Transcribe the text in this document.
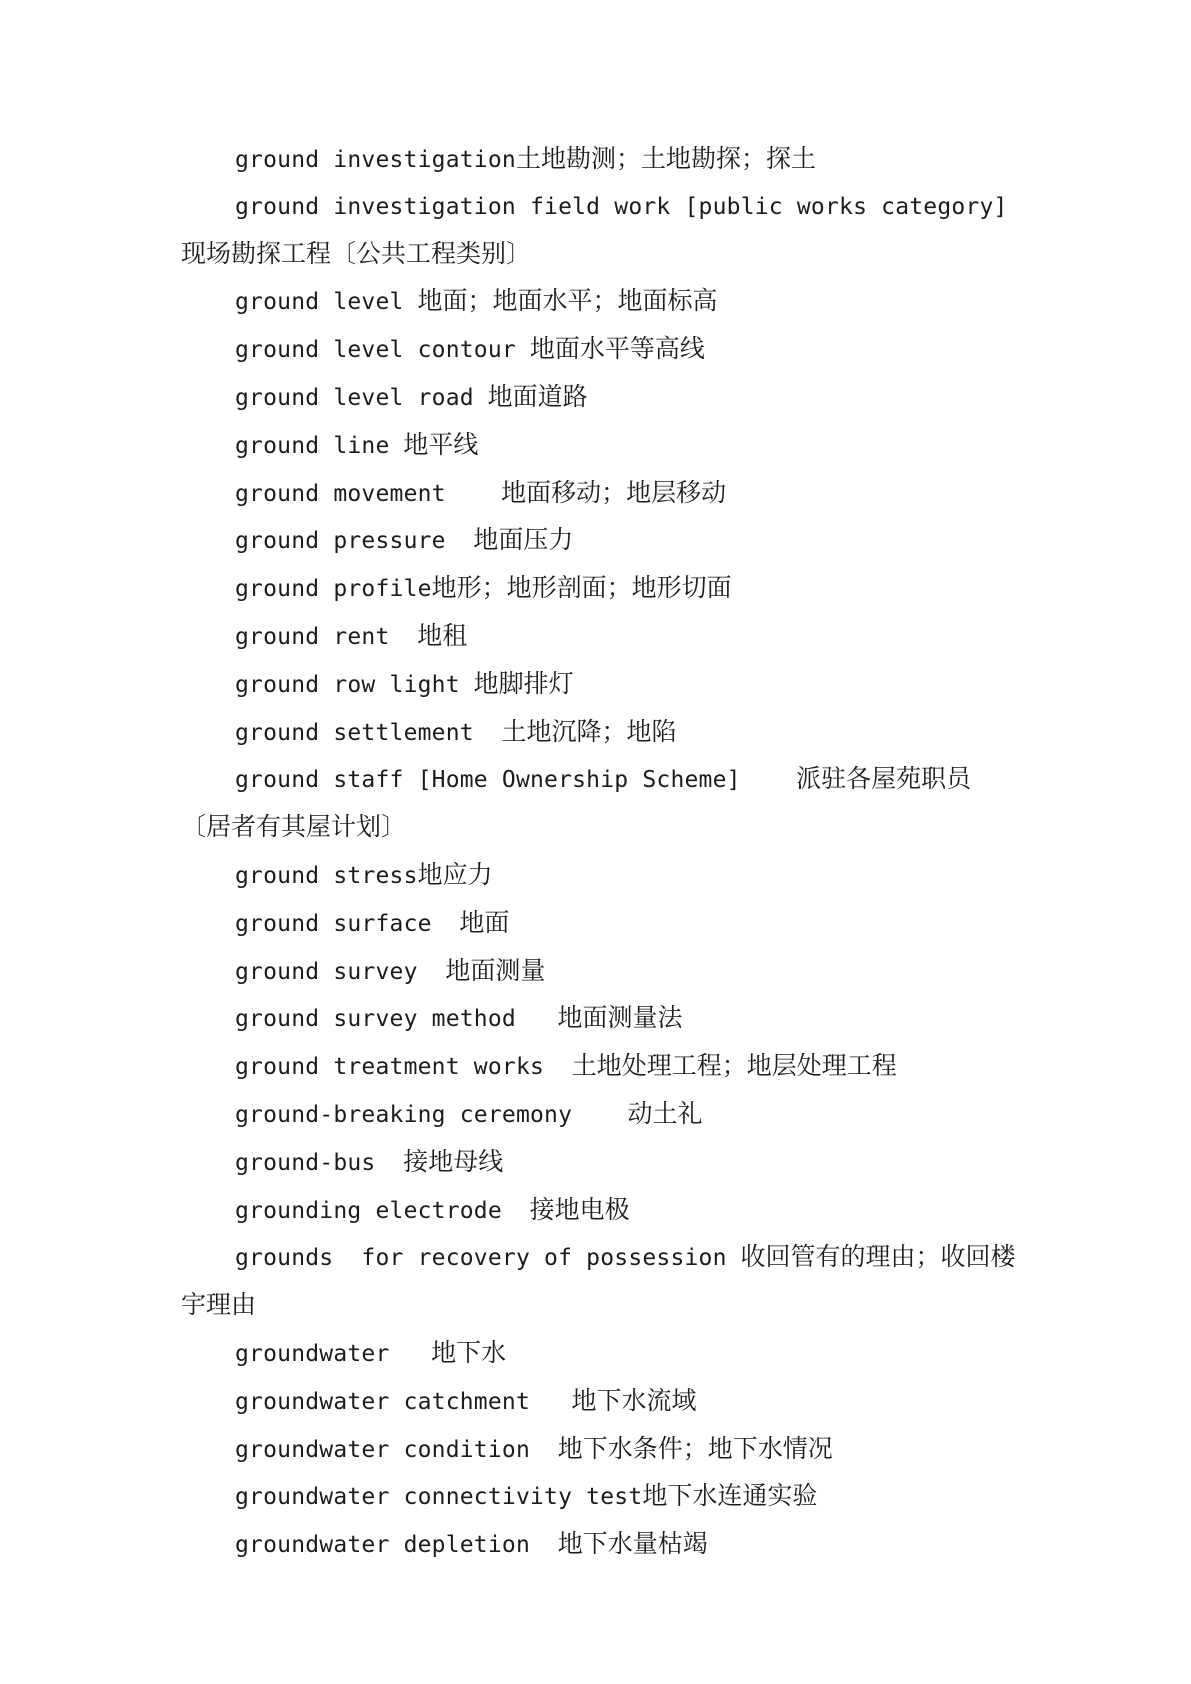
ground investigation土地勘测；土地勘探；探土
ground investigation field work [public works category]现场勘探工程〔公共工程类别〕
ground level 地面；地面水平；地面标高
ground level contour 地面水平等高线
ground level road 地面道路
ground line 地平线
ground movement 地面移动；地层移动
ground pressure 地面压力
ground profile地形；地形剖面；地形切面
ground rent 地租
ground row light 地脚排灯
ground settlement 土地沉降；地陷
ground staff [Home Ownership Scheme] 派驻各屋苑职员〔居者有其屋计划〕
ground stress地应力
ground surface 地面
ground survey 地面测量
ground survey method 地面测量法
ground treatment works 土地处理工程；地层处理工程
ground-breaking ceremony 动土礼
ground-bus 接地母线
grounding electrode 接地电极
grounds  for recovery of possession 收回管有的理由；收回楼宇理由
groundwater 地下水
groundwater catchment 地下水流域
groundwater condition 地下水条件；地下水情况
groundwater connectivity test地下水连通实验
groundwater depletion 地下水量枯竭
